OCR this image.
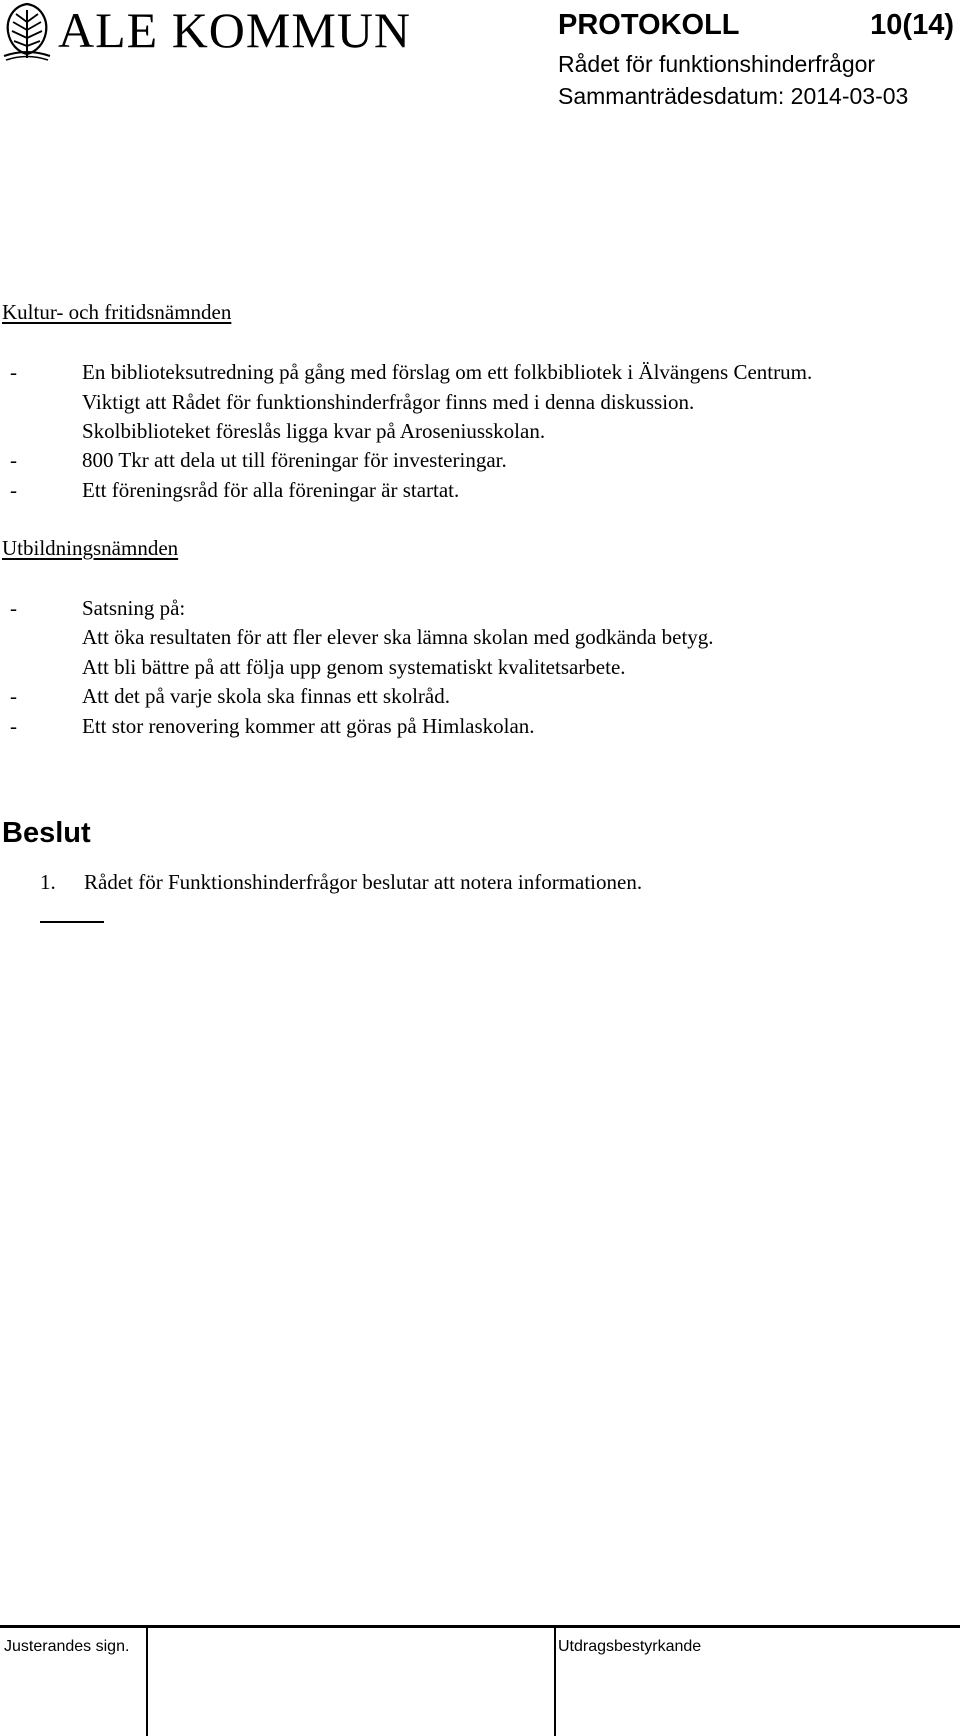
ALE KOMMUN	PROTOKOLL	10(14)
Rådet för funktionshinderfrågor
Sammanträdesdatum: 2014-03-03
Kultur- och fritidsnämnden
-	En biblioteksutredning på gång med förslag om ett folkbibliotek i Älvängens Centrum.
Viktigt att Rådet för funktionshinderfrågor finns med i denna diskussion.
Skolbiblioteket föreslås ligga kvar på Aroseniusskolan.
-	800 Tkr att dela ut till föreningar för investeringar.
-	Ett föreningsråd för alla föreningar är startat.
Utbildningsnämnden
-	Satsning på:
Att öka resultaten för att fler elever ska lämna skolan med godkända betyg.
Att bli bättre på att följa upp genom systematiskt kvalitetsarbete.
-	Att det på varje skola ska finnas ett skolråd.
-	Ett stor renovering kommer att göras på Himlaskolan.
Beslut
1. Rådet för Funktionshinderfrågor beslutar att notera informationen.
Justerandes sign.	Utdragsbestyrkande
